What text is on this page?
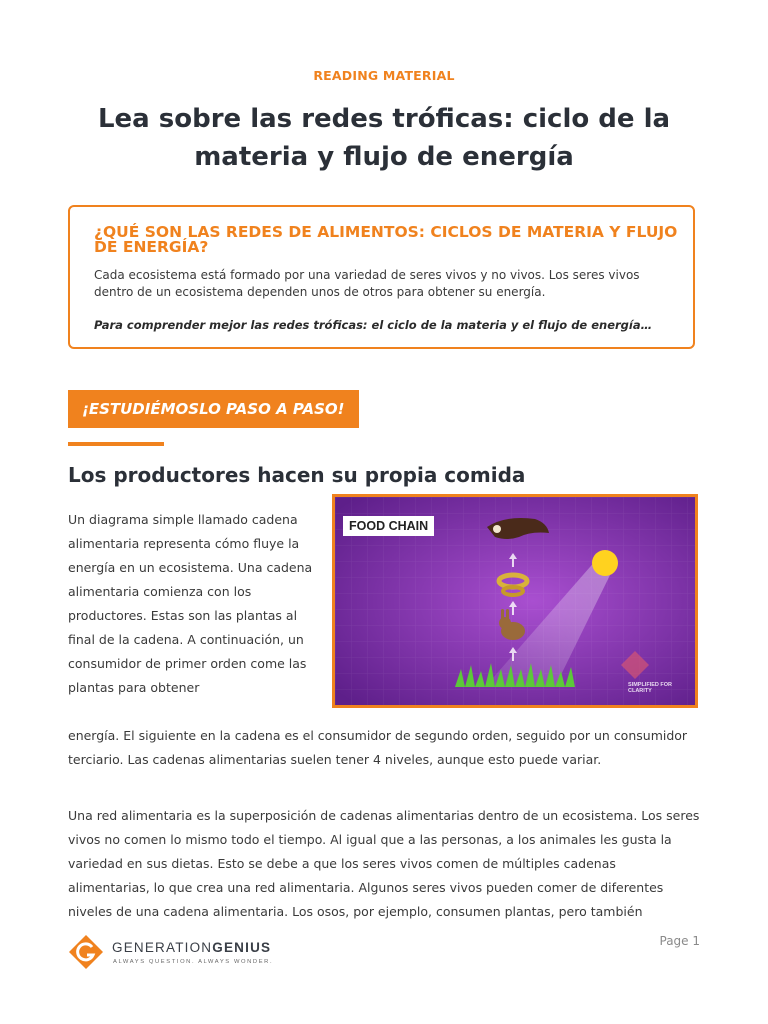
READING MATERIAL
Lea sobre las redes tróficas: ciclo de la materia y flujo de energía
¿QUÉ SON LAS REDES DE ALIMENTOS: CICLOS DE MATERIA Y FLUJO DE ENERGÍA?

Cada ecosistema está formado por una variedad de seres vivos y no vivos. Los seres vivos dentro de un ecosistema dependen unos de otros para obtener su energía.

Para comprender mejor las redes tróficas: el ciclo de la materia y el flujo de energía…

¡ESTUDIÉMOSLO PASO A PASO!
Los productores hacen su propia comida
FOOD CHAIN
SIMPLIFIED FOR CLARITY

Un diagrama simple llamado cadena alimentaria representa cómo fluye la energía en un ecosistema. Una cadena alimentaria comienza con los productores. Estas son las plantas al final de la cadena. A continuación, un consumidor de primer orden come las plantas para obtener

energía. El siguiente en la cadena es el consumidor de segundo orden, seguido por un consumidor terciario. Las cadenas alimentarias suelen tener 4 niveles, aunque esto puede variar.

Una red alimentaria es la superposición de cadenas alimentarias dentro de un ecosistema. Los seres vivos no comen lo mismo todo el tiempo. Al igual que a las personas, a los animales les gusta la variedad en sus dietas. Esto se debe a que los seres vivos comen de múltiples cadenas alimentarias, lo que crea una red alimentaria. Algunos seres vivos pueden comer de diferentes niveles de una cadena alimentaria. Los osos, por ejemplo, consumen plantas, pero también

GENERATIONGENIUS
ALWAYS QUESTION. ALWAYS WONDER.
Page 1
